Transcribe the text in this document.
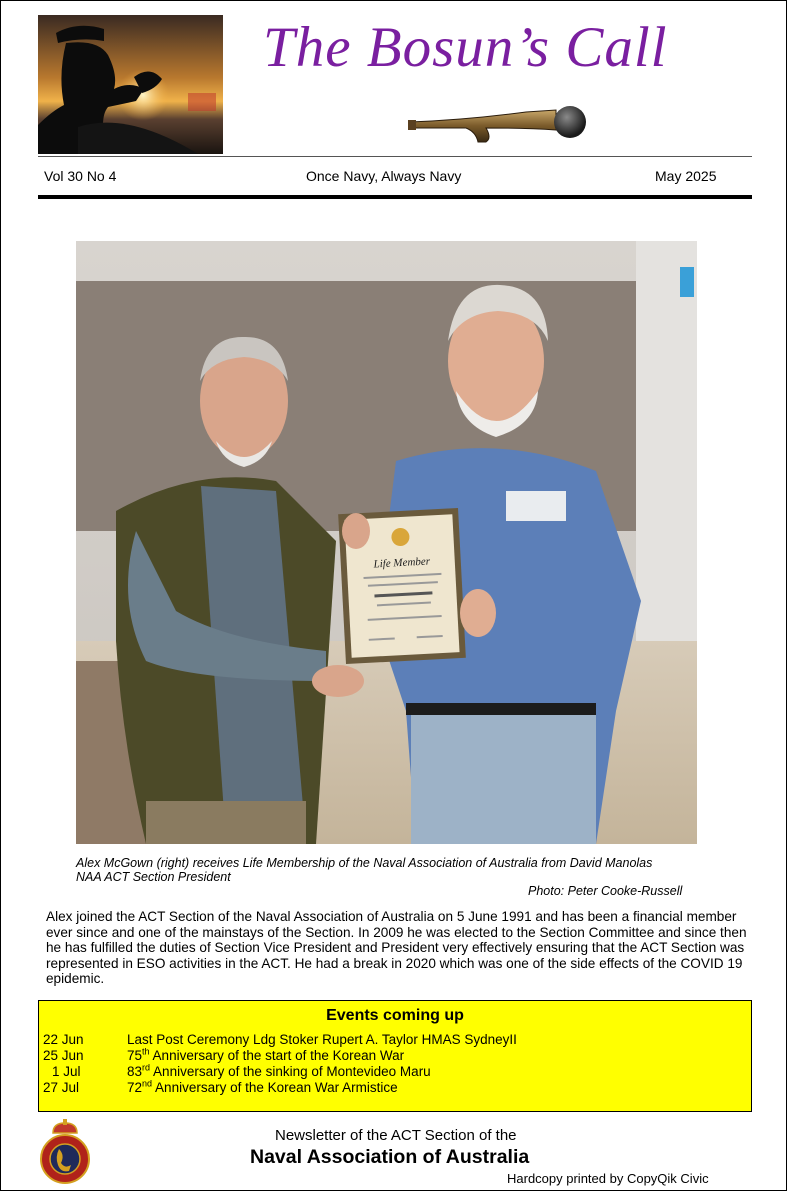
The Bosun’s Call
Vol 30 No 4	Once Navy, Always Navy	May 2025
Life Member
Alex McGown (right) receives Life Membership of the Naval Association of Australia from David Manolas
NAA ACT Section President
Photo: Peter Cooke-Russell
Alex joined the ACT Section of the Naval Association of Australia on 5 June 1991 and has been a financial member ever since and one of the mainstays of the Section. In 2009 he was elected to the Section Committee and since then he has fulfilled the duties of Section Vice President and President very effectively ensuring that the ACT Section was represented in ESO activities in the ACT. He had a break in 2020 which was one of the side effects of the COVID 19 epidemic.
Events coming up
22 Jun	Last Post Ceremony Ldg Stoker Rupert A. Taylor HMAS SydneyII
25 Jun	75th Anniversary of the start of the Korean War
1 Jul	83rd Anniversary of the sinking of Montevideo Maru
27 Jul	72nd Anniversary of the Korean War Armistice
Newsletter of the ACT Section of the
Naval Association of Australia
Hardcopy printed by CopyQik Civic
